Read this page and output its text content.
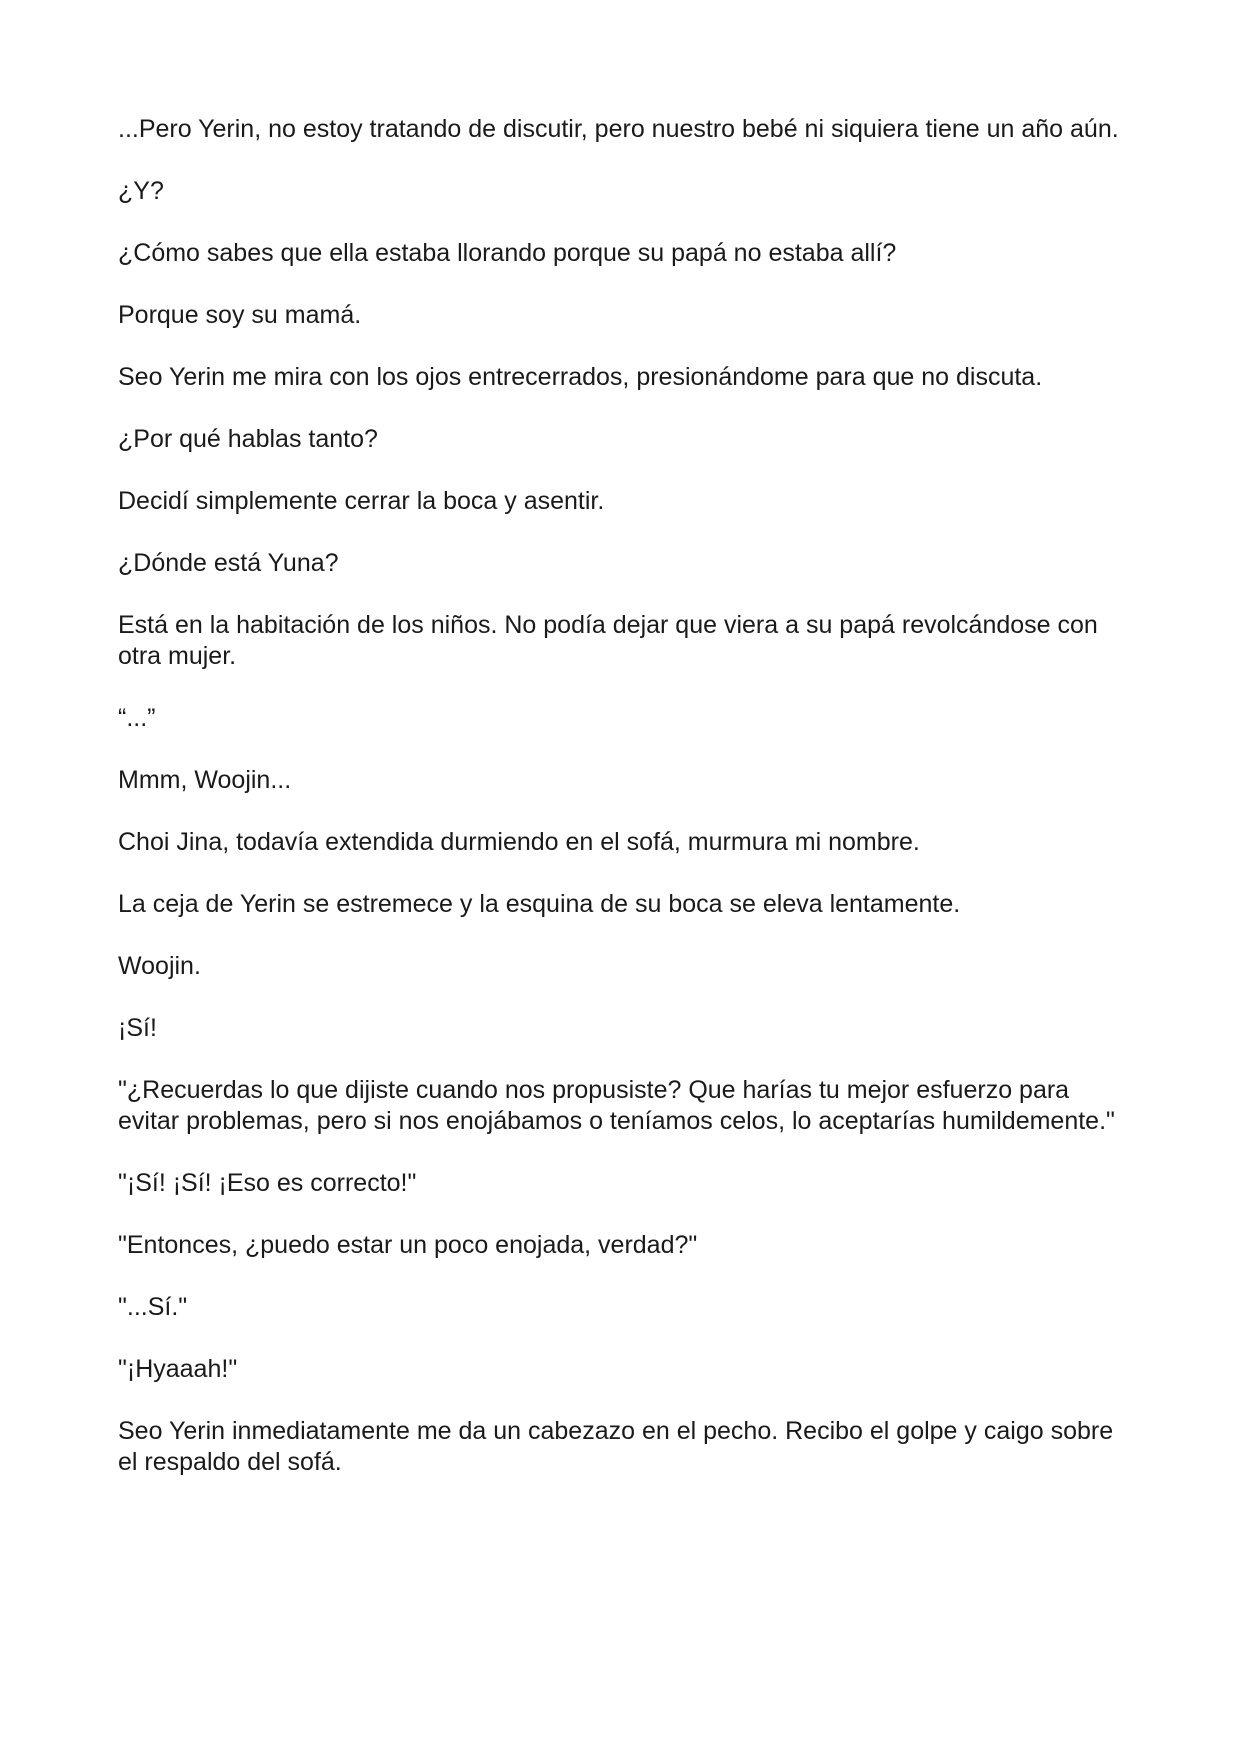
...Pero Yerin, no estoy tratando de discutir, pero nuestro bebé ni siquiera tiene un año aún.

¿Y?

¿Cómo sabes que ella estaba llorando porque su papá no estaba allí?

Porque soy su mamá.

Seo Yerin me mira con los ojos entrecerrados, presionándome para que no discuta.

¿Por qué hablas tanto?

Decidí simplemente cerrar la boca y asentir.

¿Dónde está Yuna?

Está en la habitación de los niños. No podía dejar que viera a su papá revolcándose con otra mujer.

“...”

Mmm, Woojin...

Choi Jina, todavía extendida durmiendo en el sofá, murmura mi nombre.

La ceja de Yerin se estremece y la esquina de su boca se eleva lentamente.

Woojin.

¡Sí!

"¿Recuerdas lo que dijiste cuando nos propusiste? Que harías tu mejor esfuerzo para evitar problemas, pero si nos enojábamos o teníamos celos, lo aceptarías humildemente."

"¡Sí! ¡Sí! ¡Eso es correcto!"

"Entonces, ¿puedo estar un poco enojada, verdad?"

"...Sí."

"¡Hyaaah!"

Seo Yerin inmediatamente me da un cabezazo en el pecho. Recibo el golpe y caigo sobre el respaldo del sofá.
